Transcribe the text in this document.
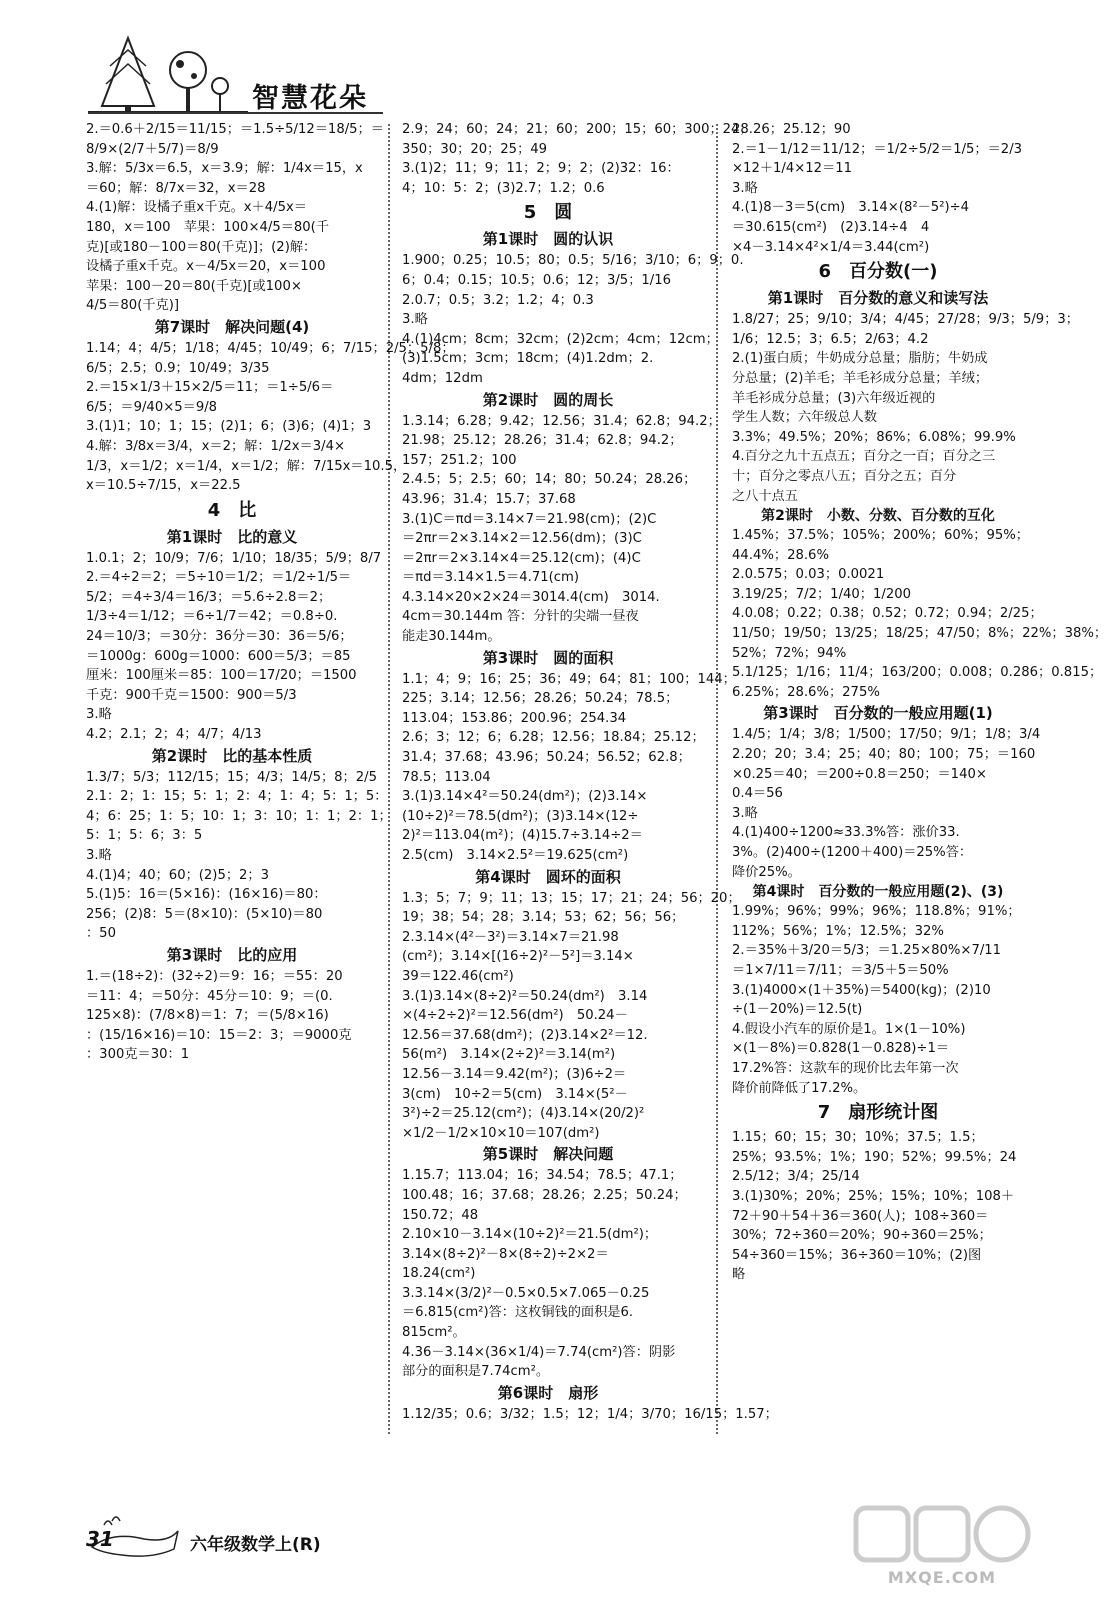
智慧花朵
2.＝0.6＋2/15＝11/15；＝1.5÷5/12＝18/5；＝
8/9×(2/7＋5/7)＝8/9
3.解：5/3x＝6.5，x＝3.9；解：1/4x＝15，x
＝60；解：8/7x＝32，x＝28
4.(1)解：设橘子重x千克。x＋4/5x＝
180，x＝100　苹果：100×4/5＝80(千
克)[或180－100＝80(千克)]；(2)解：
设橘子重x千克。x－4/5x＝20，x＝100
苹果：100－20＝80(千克)[或100×
4/5＝80(千克)]
第7课时　解决问题(4)
1.14；4；4/5；1/18；4/45；10/49；6；7/15；2/5；5/8；
6/5；2.5；0.9；10/49；3/35
2.＝15×1/3＋15×2/5＝11；＝1÷5/6＝
6/5；＝9/40×5＝9/8
3.(1)1；10；1；15；(2)1；6；(3)6；(4)1；3
4.解：3/8x＝3/4，x＝2；解：1/2x＝3/4×
1/3，x＝1/2；x＝1/4，x＝1/2；解：7/15x＝10.5，
x＝10.5÷7/15，x＝22.5
4　比
第1课时　比的意义
1.0.1；2；10/9；7/6；1/10；18/35；5/9；8/7
2.＝4÷2＝2；＝5÷10＝1/2；＝1/2÷1/5＝
5/2；＝4÷3/4＝16/3；＝5.6÷2.8＝2；
1/3÷4＝1/12；＝6÷1/7＝42；＝0.8÷0.
24＝10/3；＝30分：36分＝30：36＝5/6；
＝1000g：600g＝1000：600＝5/3；＝85
厘米：100厘米＝85：100＝17/20；＝1500
千克：900千克＝1500：900＝5/3
3.略
4.2；2.1；2；4；4/7；4/13
第2课时　比的基本性质
1.3/7；5/3；112/15；15；4/3；14/5；8；2/5
2.1：2；1：15；5：1；2：4；1：4；5：1；5：
4；6：25；1：5；10：1；3：10；1：1；2：1；
5：1；5：6；3：5
3.略
4.(1)4；40；60；(2)5；2；3
5.(1)5：16＝(5×16)：(16×16)＝80：
256；(2)8：5＝(8×10)：(5×10)＝80
：50
第3课时　比的应用
1.＝(18÷2)：(32÷2)＝9：16；＝55：20
＝11：4；＝50分：45分＝10：9；＝(0.
125×8)：(7/8×8)＝1：7；＝(5/8×16)
：(15/16×16)＝10：15＝2：3；＝9000克
：300克＝30：1
2.9；24；60；24；21；60；200；15；60；300；24；
350；30；20；25；49
3.(1)2；11；9；11；2；9；2；(2)32：16：
4；10：5：2；(3)2.7；1.2；0.6
5　圆
第1课时　圆的认识
1.900；0.25；10.5；80；0.5；5/16；3/10；6；9；0.
6；0.4；0.15；10.5；0.6；12；3/5；1/16
2.0.7；0.5；3.2；1.2；4；0.3
3.略
4.(1)4cm；8cm；32cm；(2)2cm；4cm；12cm；
(3)1.5cm；3cm；18cm；(4)1.2dm；2.
4dm；12dm
第2课时　圆的周长
1.3.14；6.28；9.42；12.56；31.4；62.8；94.2；
21.98；25.12；28.26；31.4；62.8；94.2；
157；251.2；100
2.4.5；5；2.5；60；14；80；50.24；28.26；
43.96；31.4；15.7；37.68
3.(1)C＝πd＝3.14×7＝21.98(cm)；(2)C
＝2πr＝2×3.14×2＝12.56(dm)；(3)C
＝2πr＝2×3.14×4＝25.12(cm)；(4)C
＝πd＝3.14×1.5＝4.71(cm)
4.3.14×20×2×24＝3014.4(cm)　3014.
4cm＝30.144m 答：分针的尖端一昼夜
能走30.144m。
第3课时　圆的面积
1.1；4；9；16；25；36；49；64；81；100；144；
225；3.14；12.56；28.26；50.24；78.5；
113.04；153.86；200.96；254.34
2.6；3；12；6；6.28；12.56；18.84；25.12；
31.4；37.68；43.96；50.24；56.52；62.8；
78.5；113.04
3.(1)3.14×4²＝50.24(dm²)；(2)3.14×
(10÷2)²＝78.5(dm²)；(3)3.14×(12÷
2)²＝113.04(m²)；(4)15.7÷3.14÷2＝
2.5(cm)　3.14×2.5²＝19.625(cm²)
第4课时　圆环的面积
1.3；5；7；9；11；13；15；17；21；24；56；20；
19；38；54；28；3.14；53；62；56；56；
2.3.14×(4²－3²)＝3.14×7＝21.98
(cm²)；3.14×[(16÷2)²－5²]＝3.14×
39＝122.46(cm²)
3.(1)3.14×(8÷2)²＝50.24(dm²)　3.14
×(4÷2÷2)²＝12.56(dm²)　50.24－
12.56＝37.68(dm²)；(2)3.14×2²＝12.
56(m²)　3.14×(2÷2)²＝3.14(m²)
12.56－3.14＝9.42(m²)；(3)6÷2＝
3(cm)　10÷2＝5(cm)　3.14×(5²－
3²)÷2＝25.12(cm²)；(4)3.14×(20/2)²
×1/2－1/2×10×10＝107(dm²)
第5课时　解决问题
1.15.7；113.04；16；34.54；78.5；47.1；
100.48；16；37.68；28.26；2.25；50.24；
150.72；48
2.10×10－3.14×(10÷2)²＝21.5(dm²)；
3.14×(8÷2)²－8×(8÷2)÷2×2＝
18.24(cm²)
3.3.14×(3/2)²－0.5×0.5×7.065－0.25
＝6.815(cm²)答：这枚铜钱的面积是6.
815cm²。
4.36－3.14×(36×1/4)＝7.74(cm²)答：阴影
部分的面积是7.74cm²。
第6课时　扇形
1.12/35；0.6；3/32；1.5；12；1/4；3/70；16/15；1.57；
28.26；25.12；90
2.＝1－1/12＝11/12；＝1/2÷5/2＝1/5；＝2/3
×12＋1/4×12＝11
3.略
4.(1)8－3＝5(cm)　3.14×(8²－5²)÷4
＝30.615(cm²)　(2)3.14÷4　4
×4－3.14×4²×1/4＝3.44(cm²)
6　百分数(一)
第1课时　百分数的意义和读写法
1.8/27；25；9/10；3/4；4/45；27/28；9/3；5/9；3；
1/6；12.5；3；6.5；2/63；4.2
2.(1)蛋白质；牛奶成分总量；脂肪；牛奶成
分总量；(2)羊毛；羊毛衫成分总量；羊绒；
羊毛衫成分总量；(3)六年级近视的
学生人数；六年级总人数
3.3%；49.5%；20%；86%；6.08%；99.9%
4.百分之九十五点五；百分之一百；百分之三
十；百分之零点八五；百分之五；百分
之八十点五
第2课时　小数、分数、百分数的互化
1.45%；37.5%；105%；200%；60%；95%；
44.4%；28.6%
2.0.575；0.03；0.0021
3.19/25；7/2；1/40；1/200
4.0.08；0.22；0.38；0.52；0.72；0.94；2/25；
11/50；19/50；13/25；18/25；47/50；8%；22%；38%；
52%；72%；94%
5.1/125；1/16；11/4；163/200；0.008；0.286；0.815；
6.25%；28.6%；275%
第3课时　百分数的一般应用题(1)
1.4/5；1/4；3/8；1/500；17/50；9/1；1/8；3/4
2.20；20；3.4；25；40；80；100；75；＝160
×0.25＝40；＝200÷0.8＝250；＝140×
0.4＝56
3.略
4.(1)400÷1200≈33.3%答：涨价33.
3%。(2)400÷(1200＋400)＝25%答：
降价25%。
第4课时　百分数的一般应用题(2)、(3)
1.99%；96%；99%；96%；118.8%；91%；
112%；56%；1%；12.5%；32%
2.＝35%＋3/20＝5/3；＝1.25×80%×7/11
＝1×7/11＝7/11；＝3/5＋5＝50%
3.(1)4000×(1＋35%)＝5400(kg)；(2)10
÷(1－20%)＝12.5(t)
4.假设小汽车的原价是1。1×(1－10%)
×(1－8%)＝0.828(1－0.828)÷1＝
17.2%答：这款车的现价比去年第一次
降价前降低了17.2%。
7　扇形统计图
1.15；60；15；30；10%；37.5；1.5；
25%；93.5%；1%；190；52%；99.5%；24
2.5/12；3/4；25/14
3.(1)30%；20%；25%；15%；10%；108＋
72＋90＋54＋36＝360(人)；108÷360＝
30%；72÷360＝20%；90÷360＝25%；
54÷360＝15%；36÷360＝10%；(2)图
略
31	六年级数学上(R)
MXQE.COM
